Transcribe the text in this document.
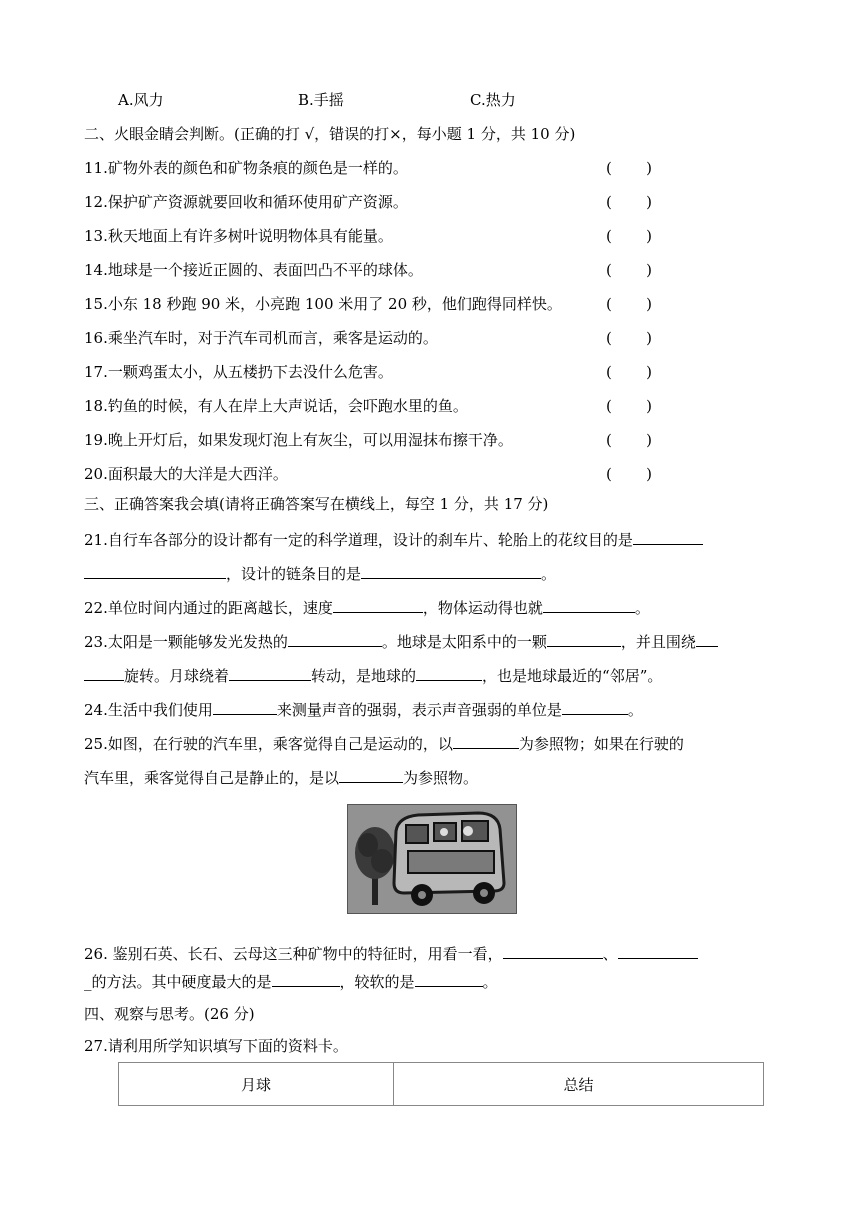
A.风力	B.手摇	C.热力
二、火眼金睛会判断。(正确的打 √，错误的打×，每小题 1 分，共 10 分)
11.矿物外表的颜色和矿物条痕的颜色是一样的。	( )
12.保护矿产资源就要回收和循环使用矿产资源。	( )
13.秋天地面上有许多树叶说明物体具有能量。	( )
14.地球是一个接近正圆的、表面凹凸不平的球体。	( )
15.小东 18 秒跑 90 米，小亮跑 100 米用了 20 秒，他们跑得同样快。	( )
16.乘坐汽车时，对于汽车司机而言，乘客是运动的。	( )
17.一颗鸡蛋太小，从五楼扔下去没什么危害。	( )
18.钓鱼的时候，有人在岸上大声说话，会吓跑水里的鱼。	( )
19.晚上开灯后，如果发现灯泡上有灰尘，可以用湿抹布擦干净。	( )
20.面积最大的大洋是大西洋。	( )
三、正确答案我会填(请将正确答案写在横线上，每空 1 分，共 17 分)
21.自行车各部分的设计都有一定的科学道理，设计的刹车片、轮胎上的花纹目的是
，设计的链条目的是	。
22.单位时间内通过的距离越长，速度	，物体运动得也就	。
23.太阳是一颗能够发光发热的	。地球是太阳系中的一颗	，并且围绕
旋转。月球绕着	转动，是地球的	，也是地球最近的“邻居”。
24.生活中我们使用	来测量声音的强弱，表示声音强弱的单位是	。
25.如图，在行驶的汽车里，乘客觉得自己是运动的，以	为参照物；如果在行驶的
汽车里，乘客觉得自己是静止的，是以	为参照物。
26. 鉴别石英、长石、云母这三种矿物中的特征时，用看一看，	、
_的方法。其中硬度最大的是	，较软的是	。
四、观察与思考。(26 分)
27.请利用所学知识填写下面的资料卡。
月球	总结
